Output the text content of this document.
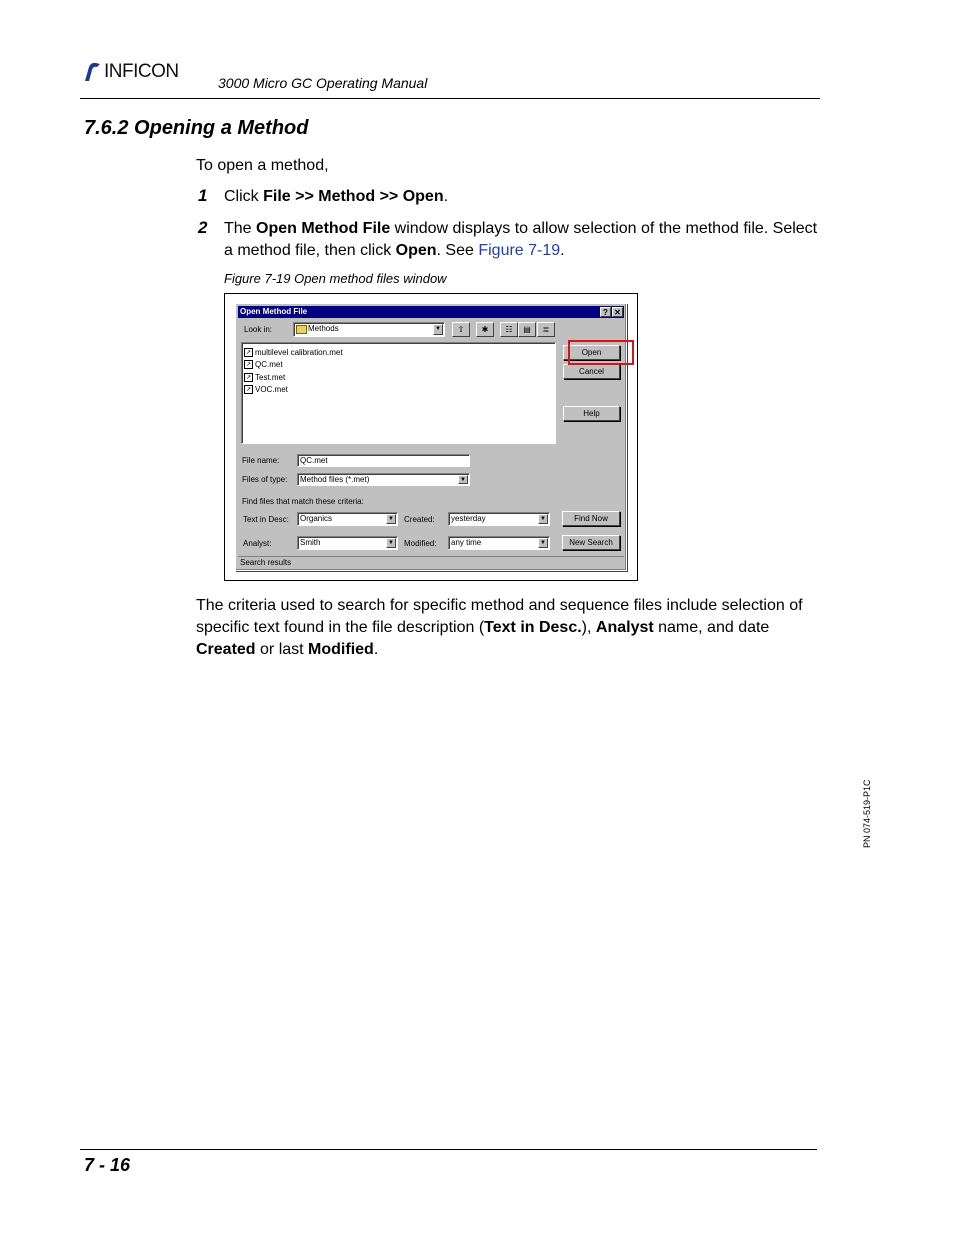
INFICON
3000 Micro GC Operating Manual
7.6.2 Opening a Method
To open a method,
1 Click File >> Method >> Open.
2 The Open Method File window displays to allow selection of the method file. Select a method file, then click Open. See Figure 7-19.
Figure 7-19 Open method files window
Open Method File	? ✕
Look in:	Methods	▼	⇧	✱	☷	▤	≣
↗ multilevel calibration.met
↗ QC.met
↗ Test.met
↗ VOC.met
Open
Cancel
Help
File name:	QC.met
Files of type:	Method files (*.met)	▼
Find files that match these criteria:
Text in Desc:	Organics	▼ Created:	yesterday	▼	Find Now
Analyst:	Smith	▼ Modified:	any time	▼	New Search
Search results
The criteria used to search for specific method and sequence files include selection of specific text found in the file description (Text in Desc.), Analyst name, and date Created or last Modified.
PN 074-519-P1C
7 - 16
